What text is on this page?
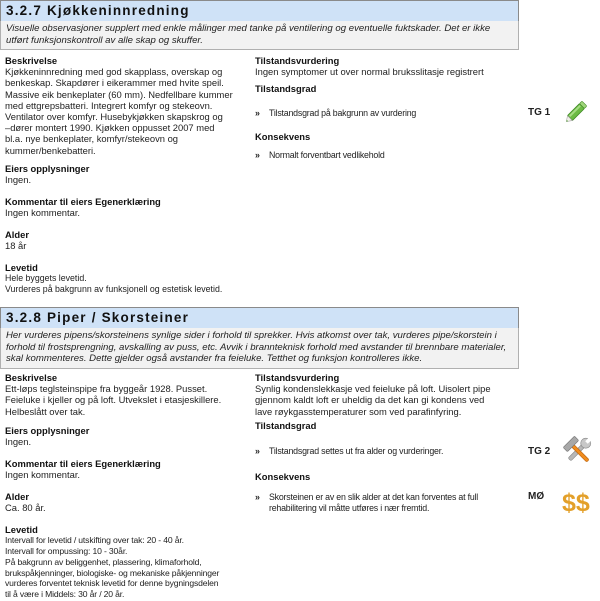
3.2.7 Kjøkkeninnredning
Visuelle observasjoner supplert med enkle målinger med tanke på ventilering og eventuelle fuktskader. Det er ikke utført funksjonskontroll av alle skap og skuffer.
Beskrivelse
Kjøkkeninnredning med god skapplass, overskap og
benkeskap. Skapdører i eikerammer med hvite speil.
Massive eik benkeplater (60 mm). Nedfellbare kummer
med ettgrepsbatteri. Integrert komfyr og stekeovn.
Ventilator over komfyr. Husebykjøkken skapskrog og
–dører montert 1990. Kjøkken oppusset 2007 med
bl.a. nye benkeplater, komfyr/stekeovn og
kummer/benkebatteri.
Eiers opplysninger
Ingen.
Kommentar til eiers Egenerklæring
Ingen kommentar.
Alder
18 år
Levetid
Hele byggets levetid.
Vurderes på bakgrunn av funksjonell og estetisk levetid.
Tilstandsvurdering
Ingen symptomer ut over normal bruksslitasje registrert
Tilstandsgrad
» Tilstandsgrad på bakgrunn av vurdering	TG 1
Konsekvens
» Normalt forventbart vedlikehold
3.2.8 Piper / Skorsteiner
Her vurderes pipens/skorsteinens synlige sider i forhold til sprekker. Hvis atkomst over tak, vurderes pipe/skorstein i
forhold til frostsprengning, avskalling av puss, etc. Avvik i brannteknisk forhold med avstander til brennbare materialer,
skal kommenteres. Dette gjelder også avstander fra feieluke. Tetthet og funksjon kontrolleres ikke.
Beskrivelse
Ett-løps teglsteinspipe fra byggeår 1928. Pusset.
Feieluke i kjeller og på loft. Utvekslet i etasjeskillere.
Helbeslått over tak.
Eiers opplysninger
Ingen.
Kommentar til eiers Egenerklæring
Ingen kommentar.
Alder
Ca. 80 år.
Levetid
Intervall for levetid / utskifting over tak: 20 - 40 år.
Intervall for ompussing: 10 - 30år.
På bakgrunn av beliggenhet, plassering, klimaforhold,
brukspåkjenninger, biologiske- og mekaniske påkjenninger
vurderes forventet teknisk levetid for denne bygningsdelen
til å være i Middels: 30 år / 20 år.
Tilstandsvurdering
Synlig kondenslekkasje ved feieluke på loft. Uisolert pipe
gjennom kaldt loft er uheldig da det kan gi kondens ved
lave røykgasstemperaturer som ved parafinfyring.
Tilstandsgrad
» Tilstandsgrad settes ut fra alder og vurderinger.	TG 2
Konsekvens
» Skorsteinen er av en slik alder at det kan forventes at full
rehabilitering vil måtte utføres i nær fremtid.
MØ $$
